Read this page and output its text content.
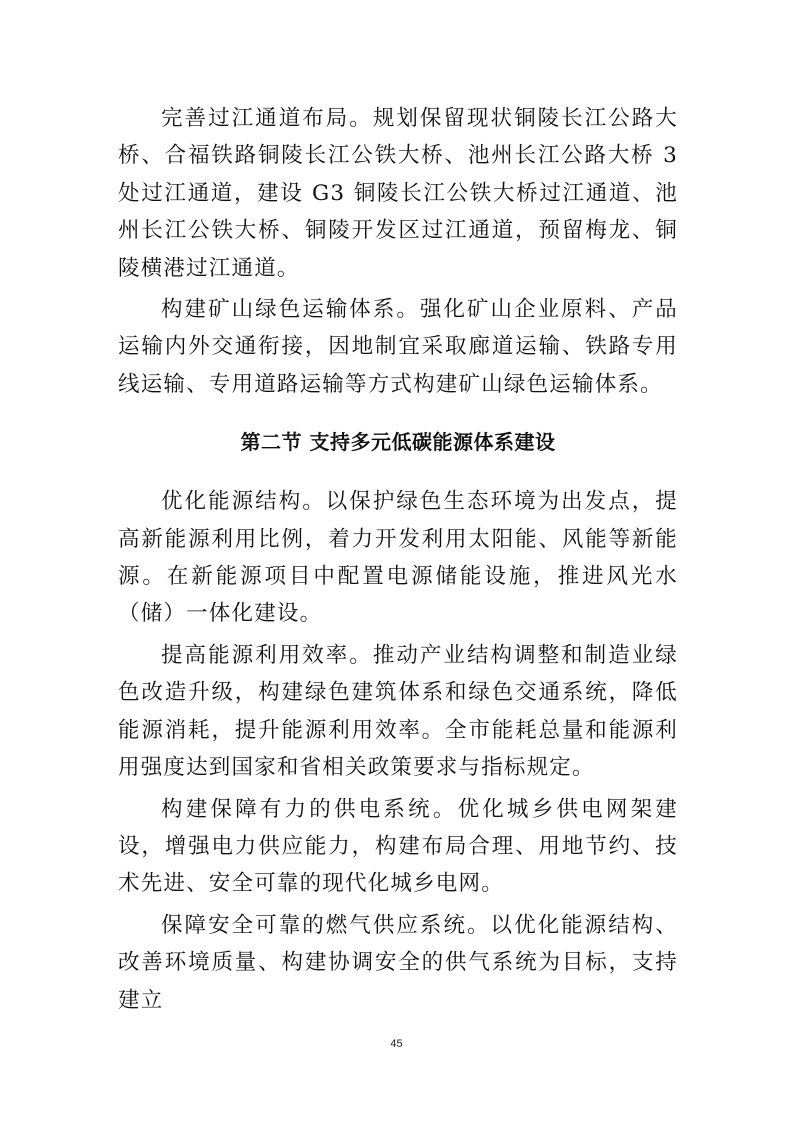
完善过江通道布局。规划保留现状铜陵长江公路大桥、合福铁路铜陵长江公铁大桥、池州长江公路大桥 3 处过江通道，建设 G3 铜陵长江公铁大桥过江通道、池州长江公铁大桥、铜陵开发区过江通道，预留梅龙、铜陵横港过江通道。

构建矿山绿色运输体系。强化矿山企业原料、产品运输内外交通衔接，因地制宜采取廊道运输、铁路专用线运输、专用道路运输等方式构建矿山绿色运输体系。

第二节 支持多元低碳能源体系建设

优化能源结构。以保护绿色生态环境为出发点，提高新能源利用比例，着力开发利用太阳能、风能等新能源。在新能源项目中配置电源储能设施，推进风光水（储）一体化建设。

提高能源利用效率。推动产业结构调整和制造业绿色改造升级，构建绿色建筑体系和绿色交通系统，降低能源消耗，提升能源利用效率。全市能耗总量和能源利用强度达到国家和省相关政策要求与指标规定。

构建保障有力的供电系统。优化城乡供电网架建设，增强电力供应能力，构建布局合理、用地节约、技术先进、安全可靠的现代化城乡电网。

保障安全可靠的燃气供应系统。以优化能源结构、改善环境质量、构建协调安全的供气系统为目标，支持建立

45
